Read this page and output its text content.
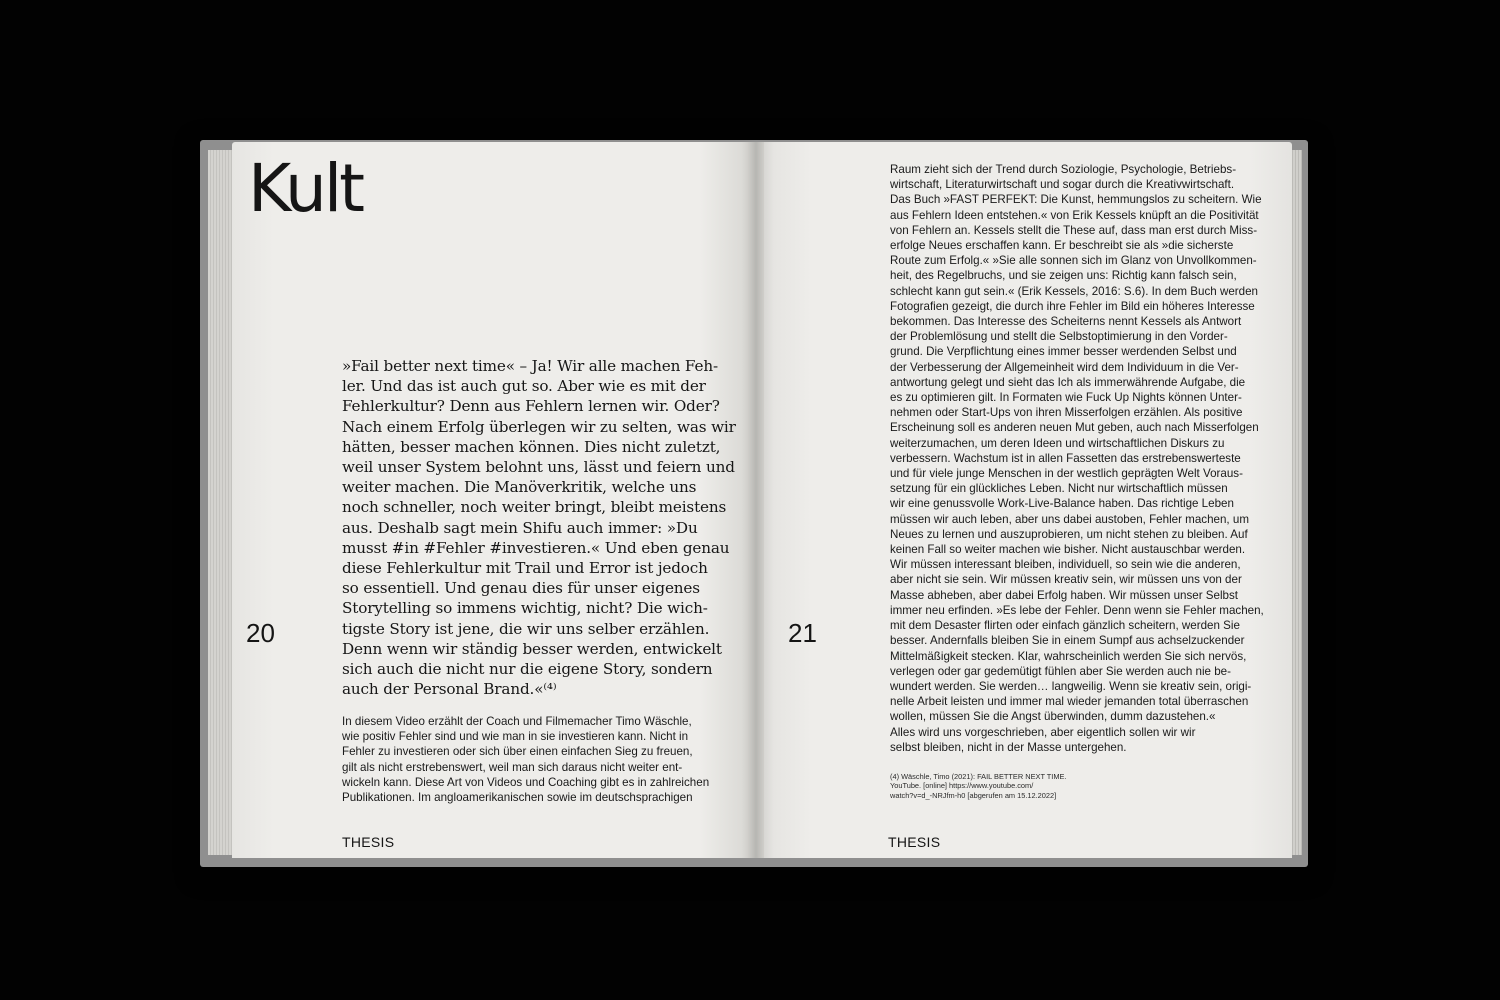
Kult
»Fail better next time« – Ja! Wir alle machen Feh-
ler. Und das ist auch gut so. Aber wie es mit der
Fehlerkultur? Denn aus Fehlern lernen wir. Oder?
Nach einem Erfolg überlegen wir zu selten, was wir
hätten, besser machen können. Dies nicht zuletzt,
weil unser System belohnt uns, lässt und feiern und
weiter machen. Die Manöverkritik, welche uns
noch schneller, noch weiter bringt, bleibt meistens
aus. Deshalb sagt mein Shifu auch immer: »Du
musst #in #Fehler #investieren.« Und eben genau
diese Fehlerkultur mit Trail und Error ist jedoch
so essentiell. Und genau dies für unser eigenes
Storytelling so immens wichtig, nicht? Die wich-
tigste Story ist jene, die wir uns selber erzählen.
Denn wenn wir ständig besser werden, entwickelt
sich auch die nicht nur die eigene Story, sondern
auch der Personal Brand.«⁽⁴⁾
20
In diesem Video erzählt der Coach und Filmemacher Timo Wäschle,
wie positiv Fehler sind und wie man in sie investieren kann. Nicht in
Fehler zu investieren oder sich über einen einfachen Sieg zu freuen,
gilt als nicht erstrebenswert, weil man sich daraus nicht weiter ent-
wickeln kann. Diese Art von Videos und Coaching gibt es in zahlreichen
Publikationen. Im angloamerikanischen sowie im deutschsprachigen
THESIS
Raum zieht sich der Trend durch Soziologie, Psychologie, Betriebs-
wirtschaft, Literaturwirtschaft und sogar durch die Kreativwirtschaft.
Das Buch »FAST PERFEKT: Die Kunst, hemmungslos zu scheitern. Wie
aus Fehlern Ideen entstehen.« von Erik Kessels knüpft an die Positivität
von Fehlern an. Kessels stellt die These auf, dass man erst durch Miss-
erfolge Neues erschaffen kann. Er beschreibt sie als »die sicherste
Route zum Erfolg.« »Sie alle sonnen sich im Glanz von Unvollkommen-
heit, des Regelbruchs, und sie zeigen uns: Richtig kann falsch sein,
schlecht kann gut sein.« (Erik Kessels, 2016: S.6). In dem Buch werden
Fotografien gezeigt, die durch ihre Fehler im Bild ein höheres Interesse
bekommen. Das Interesse des Scheiterns nennt Kessels als Antwort
der Problemlösung und stellt die Selbstoptimierung in den Vorder-
grund. Die Verpflichtung eines immer besser werdenden Selbst und
der Verbesserung der Allgemeinheit wird dem Individuum in die Ver-
antwortung gelegt und sieht das Ich als immerwährende Aufgabe, die
es zu optimieren gilt. In Formaten wie Fuck Up Nights können Unter-
nehmen oder Start-Ups von ihren Misserfolgen erzählen. Als positive
Erscheinung soll es anderen neuen Mut geben, auch nach Misserfolgen
weiterzumachen, um deren Ideen und wirtschaftlichen Diskurs zu
verbessern. Wachstum ist in allen Fassetten das erstrebenswerteste
und für viele junge Menschen in der westlich geprägten Welt Voraus-
setzung für ein glückliches Leben. Nicht nur wirtschaftlich müssen
wir eine genussvolle Work-Live-Balance haben. Das richtige Leben
müssen wir auch leben, aber uns dabei austoben, Fehler machen, um
Neues zu lernen und auszuprobieren, um nicht stehen zu bleiben. Auf
keinen Fall so weiter machen wie bisher. Nicht austauschbar werden.
Wir müssen interessant bleiben, individuell, so sein wie die anderen,
aber nicht sie sein. Wir müssen kreativ sein, wir müssen uns von der
Masse abheben, aber dabei Erfolg haben. Wir müssen unser Selbst
immer neu erfinden. »Es lebe der Fehler. Denn wenn sie Fehler machen,
mit dem Desaster flirten oder einfach gänzlich scheitern, werden Sie
besser. Andernfalls bleiben Sie in einem Sumpf aus achselzuckender
Mittelmäßigkeit stecken. Klar, wahrscheinlich werden Sie sich nervös,
verlegen oder gar gedemütigt fühlen aber Sie werden auch nie be-
wundert werden. Sie werden… langweilig. Wenn sie kreativ sein, origi-
nelle Arbeit leisten und immer mal wieder jemanden total überraschen
wollen, müssen Sie die Angst überwinden, dumm dazustehen.«
Alles wird uns vorgeschrieben, aber eigentlich sollen wir wir
selbst bleiben, nicht in der Masse untergehen.
21
(4) Wäschle, Timo (2021): FAIL BETTER NEXT TIME.
YouTube. [online] https://www.youtube.com/
watch?v=d_-NRJfm-h0 [abgerufen am 15.12.2022]
THESIS
